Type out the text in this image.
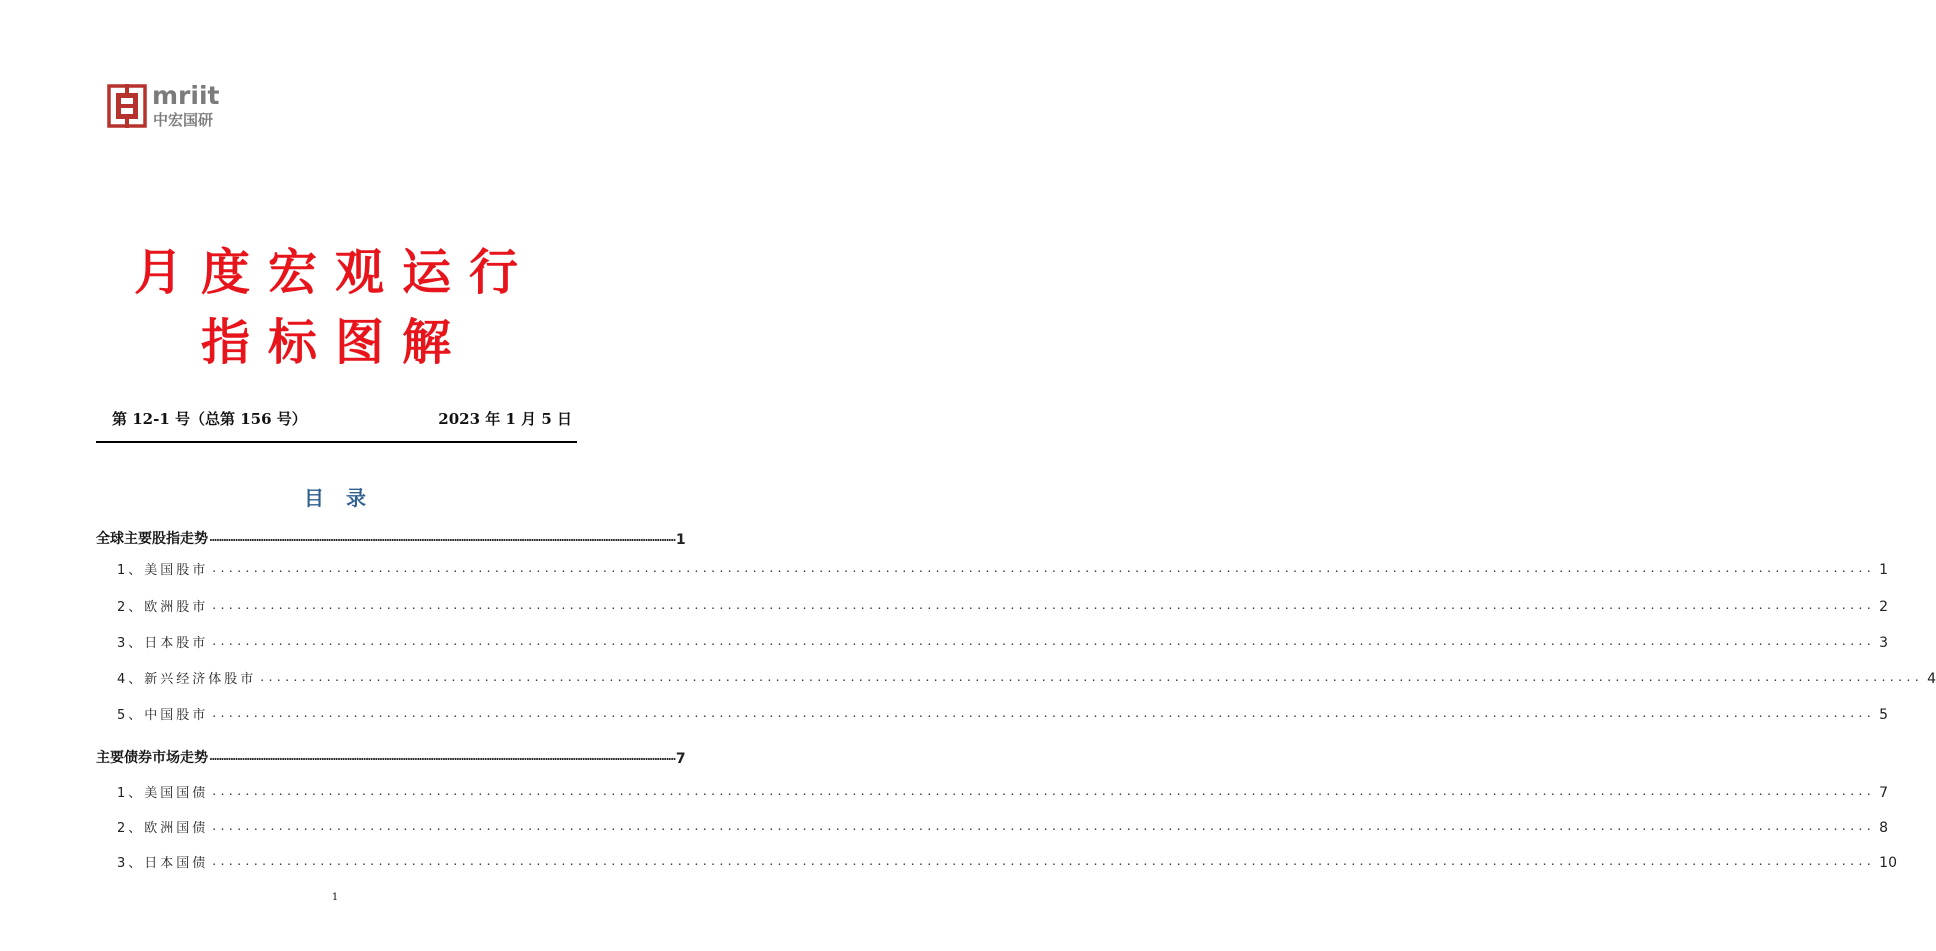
mriit
中宏国研
月度宏观运行
指标图解
第 12-1 号（总第 156 号）	2023 年 1 月 5 日
目录
全球主要股指走势 ........................................................................................................................................................................................................ 1
1、美国股市 ........................................................................................................................................................................................................ 1
2、欧洲股市 ........................................................................................................................................................................................................ 2
3、日本股市 ........................................................................................................................................................................................................ 3
4、新兴经济体股市 ........................................................................................................................................................................................................ 4
5、中国股市 ........................................................................................................................................................................................................ 5
主要债券市场走势 ........................................................................................................................................................................................................ 7
1、美国国债 ........................................................................................................................................................................................................ 7
2、欧洲国债 ........................................................................................................................................................................................................ 8
3、日本国债 ........................................................................................................................................................................................................ 10
1
